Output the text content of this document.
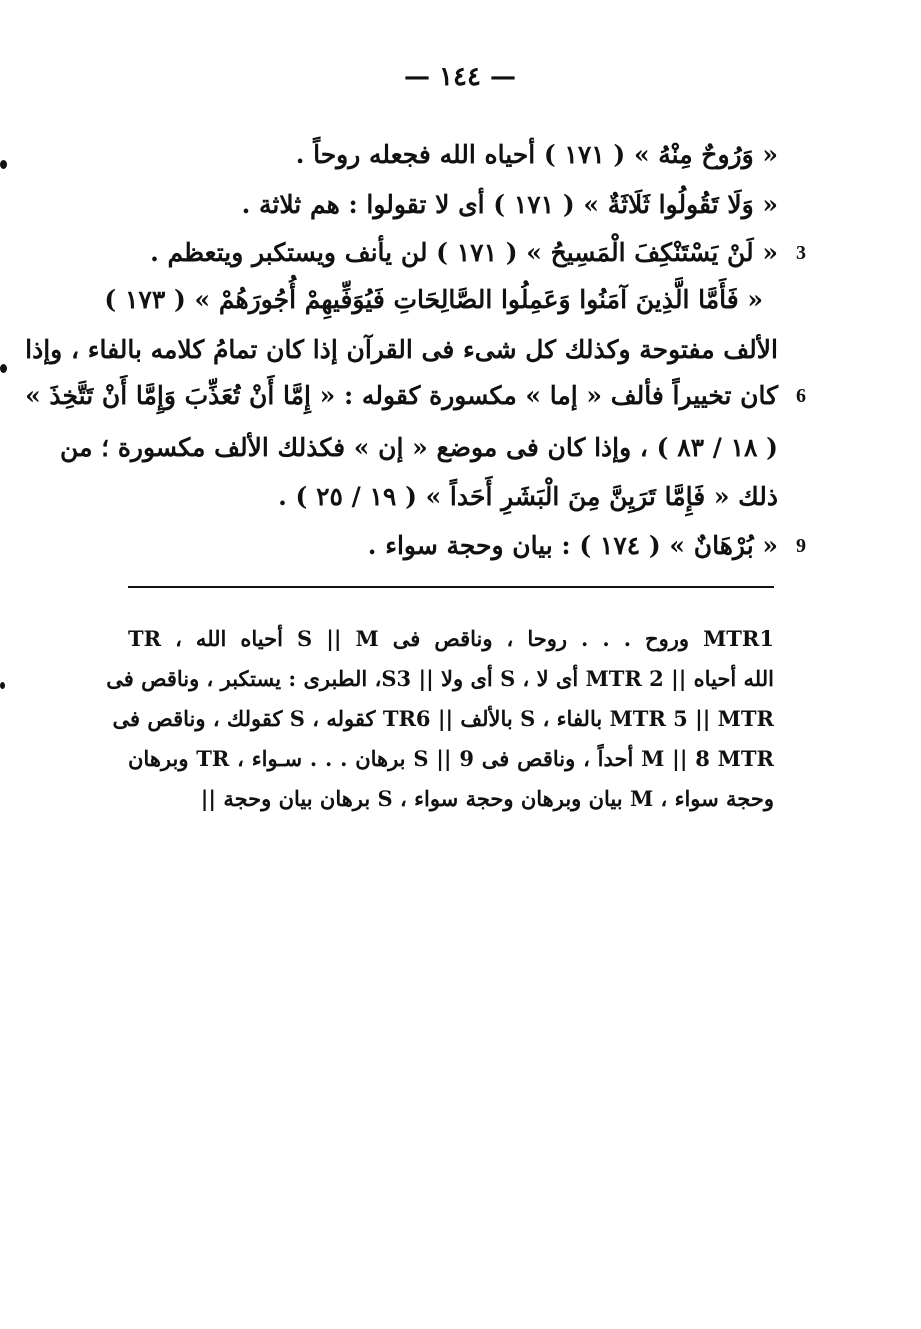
— ١٤٤ —
« وَرُوحٌ مِنْهُ » ( ١٧١ ) أحياه الله فجعله روحاً .
« وَلَا تَقُولُوا ثَلَاثَةٌ » ( ١٧١ ) أى لا تقولوا : هم ثلاثة .
« لَنْ يَسْتَنْكِفَ الْمَسِيحُ » ( ١٧١ ) لن يأنف ويستكبر ويتعظم . 3
« فَأَمَّا الَّذِينَ آمَنُوا وَعَمِلُوا الصَّالِحَاتِ فَيُوَفِّيهِمْ أُجُورَهُمْ » ( ١٧٣ )
الألف مفتوحة وكذلك كل شىء فى القرآن إذا كان تمامُ كلامه بالفاء ، وإذا
كان تخييراً فألف « إما » مكسورة كقوله : « إِمَّا أَنْ تُعَذِّبَ وَإِمَّا أَنْ تَتَّخِذَ » 6
( ١٨ / ٨٣ ) ، وإذا كان فى موضع « إن » فكذلك الألف مكسورة ؛ من
ذلك « فَإِمَّا تَرَيِنَّ مِنَ الْبَشَرِ أَحَداً » ( ١٩ / ٢٥ ) .
« بُرْهَانٌ » ( ١٧٤ ) : بيان وحجة سواء . 9
MTR1 وروح . . . روحا ، وناقص فى S || M أحياه الله ، TR
الله أحياه || 2 MTR أى لا ، S أى ولا || S3، الطبرى : يستكبر ، وناقص فى
MTR 5 || MTR بالفاء ، S بالألف || TR6 كقوله ، S كقولك ، وناقص فى
M || 8 MTR أحداً ، وناقص فى S || 9 برهان . . . سـواء ، TR وبرهان
وحجة سواء ، M بيان وبرهان وحجة سواء ، S برهان بيان وحجة ||
